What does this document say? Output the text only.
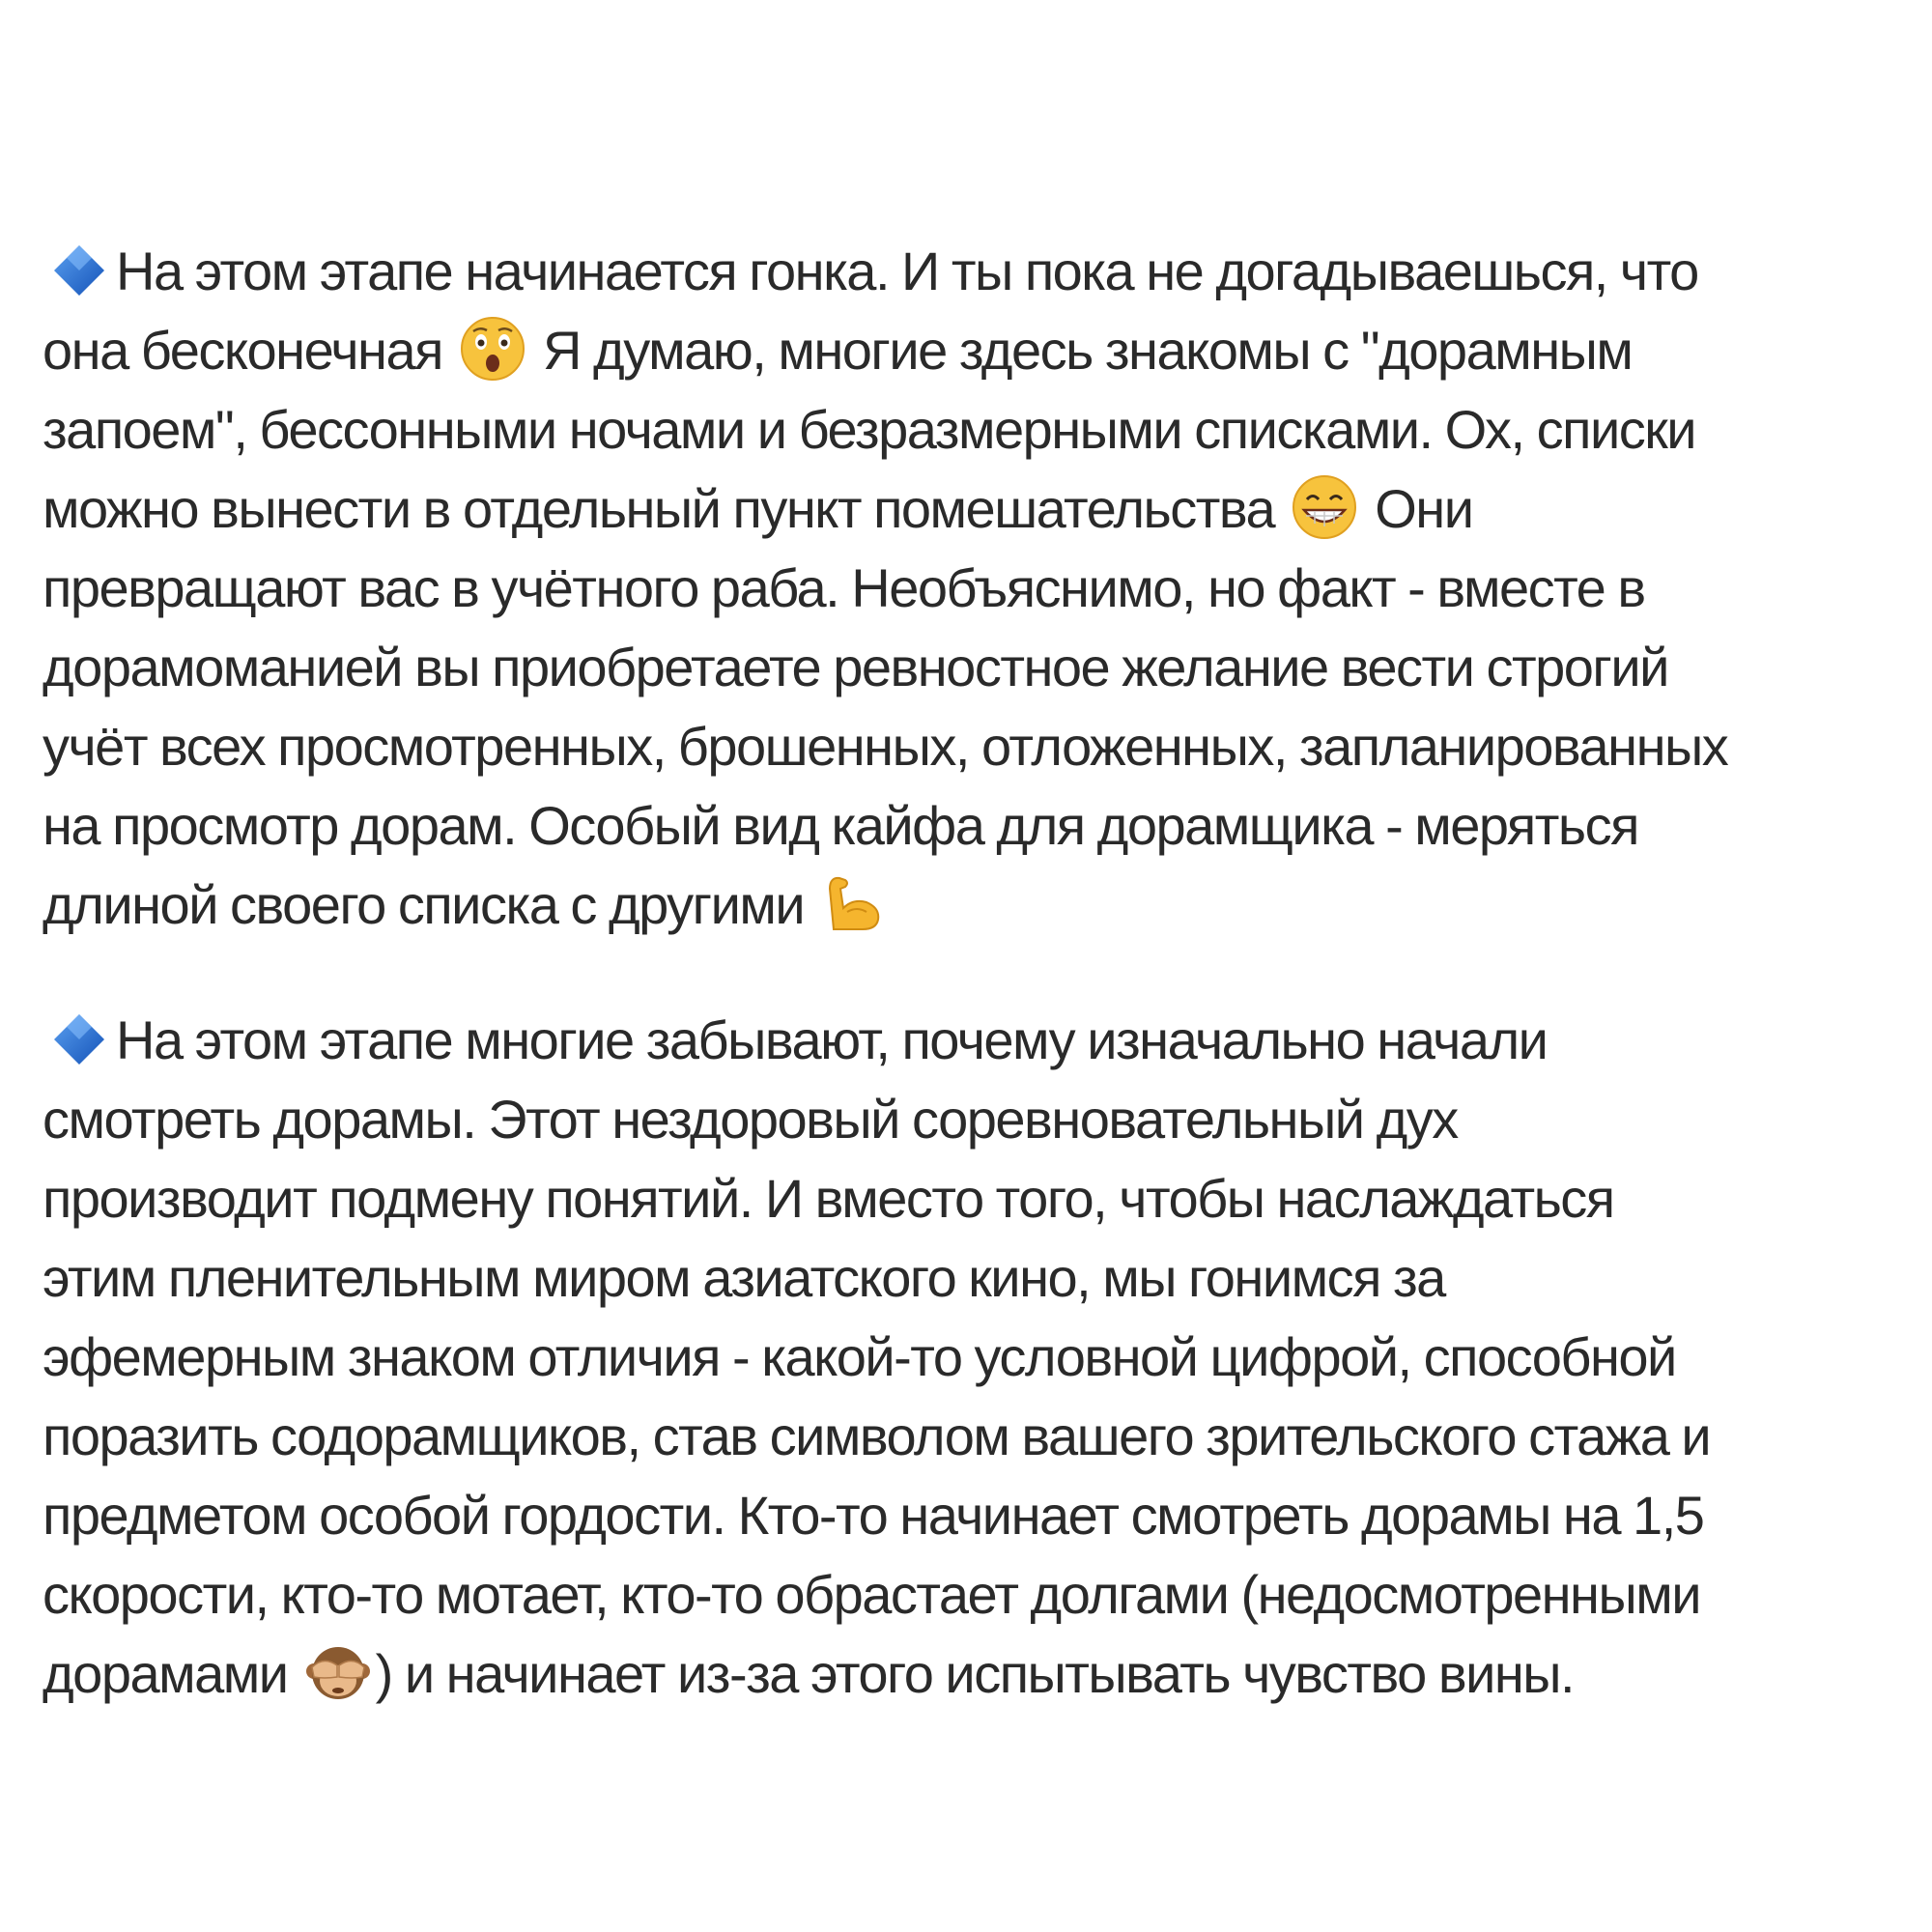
На этом этапе начинается гонка. И ты пока не догадываешься, что
она бесконечная Я думаю, многие здесь знакомы с "дорамным
запоем", бессонными ночами и безразмерными списками. Ох, списки
можно вынести в отдельный пункт помешательства Они
превращают вас в учётного раба. Необъяснимо, но факт - вместе в
дорамоманией вы приобретаете ревностное желание вести строгий
учёт всех просмотренных, брошенных, отложенных, запланированных
на просмотр дорам. Особый вид кайфа для дорамщика - меряться
длиной своего списка с другими
На этом этапе многие забывают, почему изначально начали
смотреть дорамы. Этот нездоровый соревновательный дух
производит подмену понятий. И вместо того, чтобы наслаждаться
этим пленительным миром азиатского кино, мы гонимся за
эфемерным знаком отличия - какой-то условной цифрой, способной
поразить содорамщиков, став символом вашего зрительского стажа и
предметом особой гордости. Кто-то начинает смотреть дорамы на 1,5
скорости, кто-то мотает, кто-то обрастает долгами (недосмотренными
дорамами ) и начинает из-за этого испытывать чувство вины.
